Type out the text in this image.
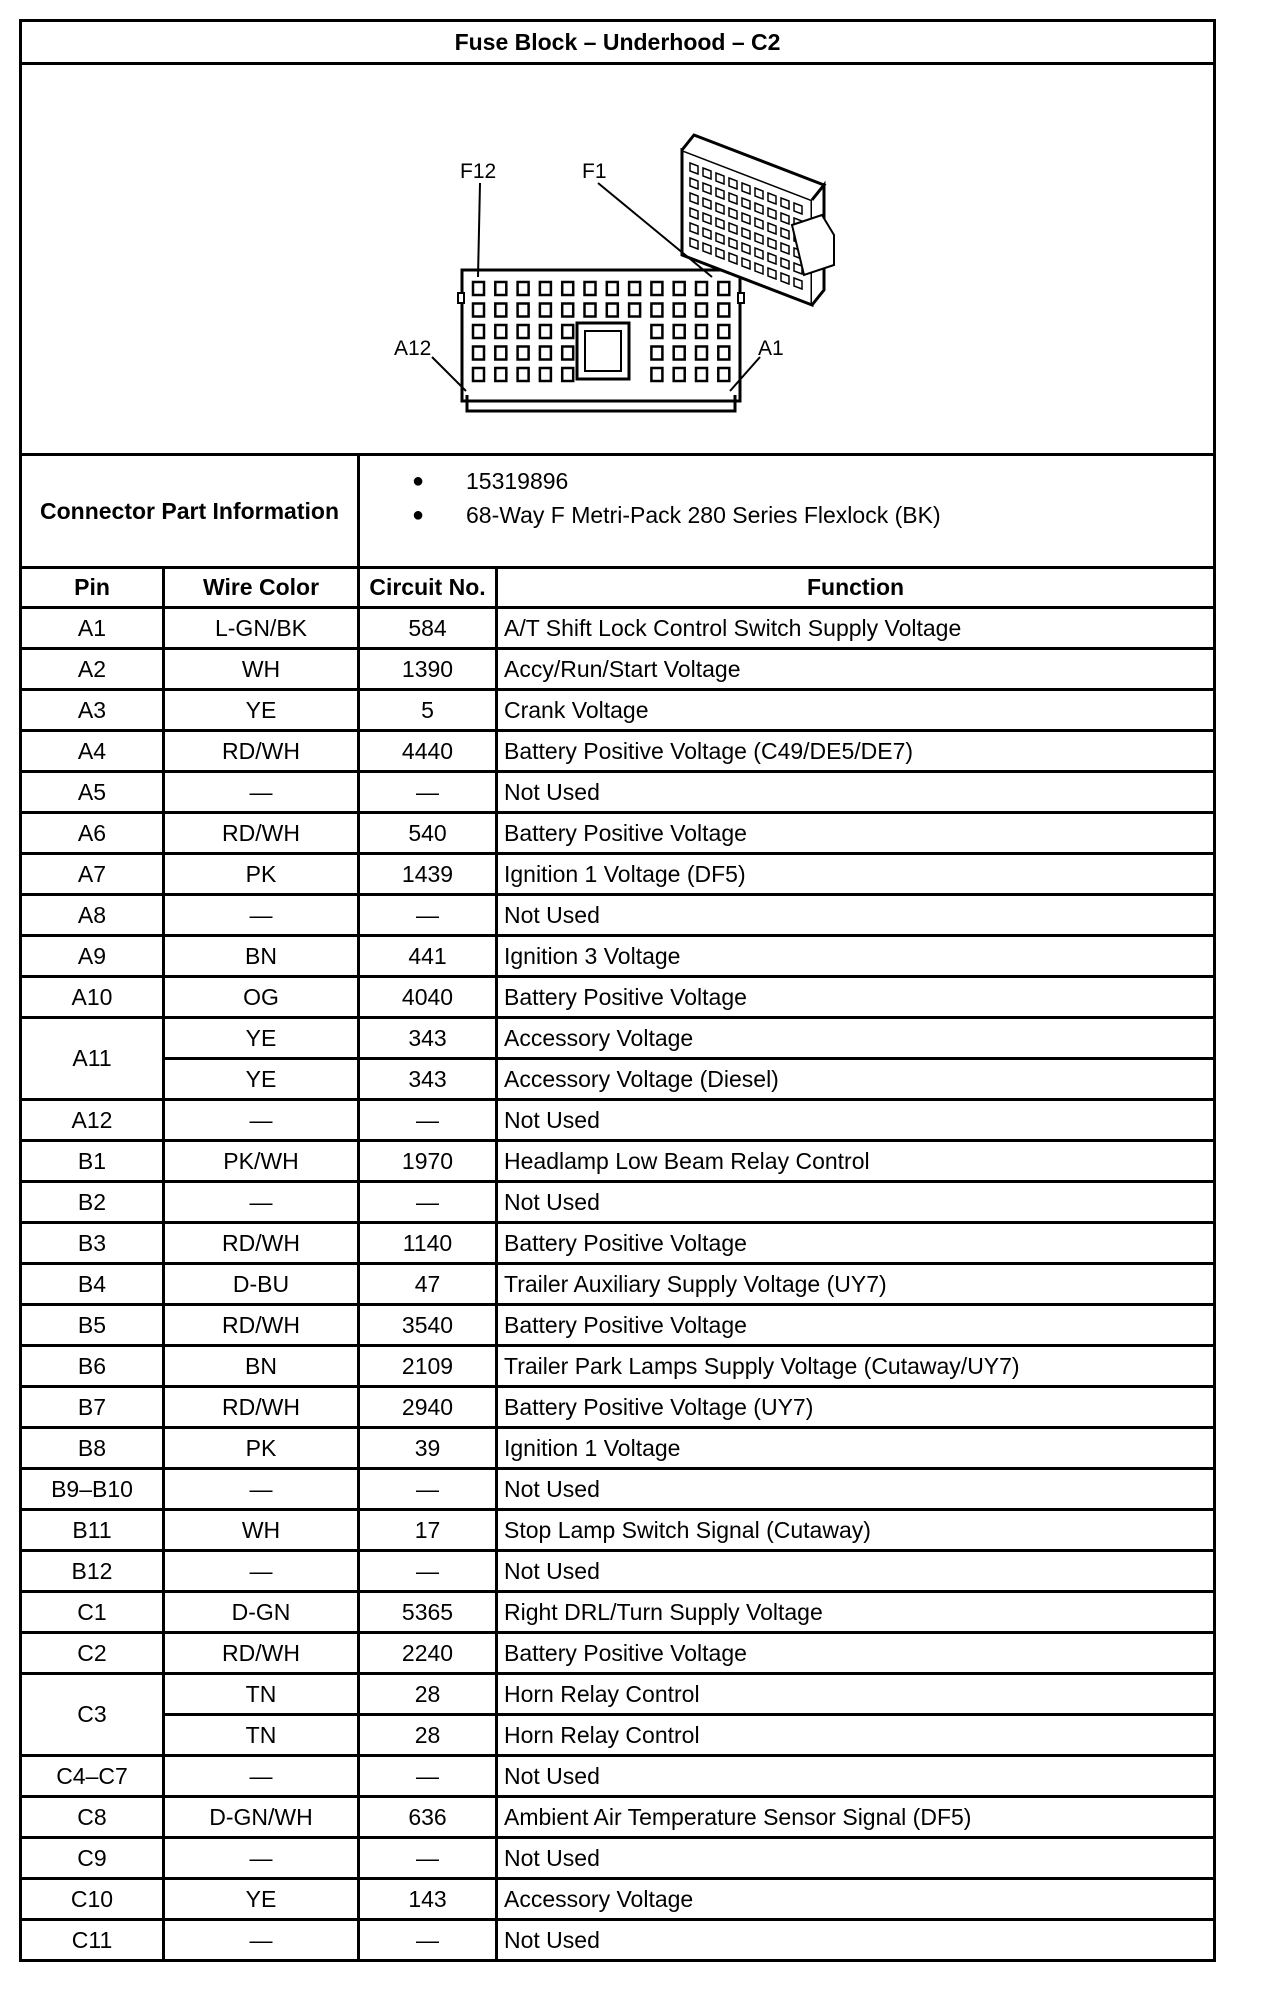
Fuse Block – Underhood – C2			

F12 F1
A12 A1			

Connector Part Information		● 15319896
● 68-Way F Metri-Pack 280 Series Flexlock (BK)	

Pin	Wire Color	Circuit No.	Function
A1	L-GN/BK	584	A/T Shift Lock Control Switch Supply Voltage
A2	WH	1390	Accy/Run/Start Voltage
A3	YE	5	Crank Voltage
A4	RD/WH	4440	Battery Positive Voltage (C49/DE5/DE7)
A5	—	—	Not Used
A6	RD/WH	540	Battery Positive Voltage
A7	PK	1439	Ignition 1 Voltage (DF5)
A8	—	—	Not Used
A9	BN	441	Ignition 3 Voltage
A10	OG	4040	Battery Positive Voltage
A11	YE	343	Accessory Voltage
	YE	343	Accessory Voltage (Diesel)
A12	—	—	Not Used
B1	PK/WH	1970	Headlamp Low Beam Relay Control
B2	—	—	Not Used
B3	RD/WH	1140	Battery Positive Voltage
B4	D-BU	47	Trailer Auxiliary Supply Voltage (UY7)
B5	RD/WH	3540	Battery Positive Voltage
B6	BN	2109	Trailer Park Lamps Supply Voltage (Cutaway/UY7)
B7	RD/WH	2940	Battery Positive Voltage (UY7)
B8	PK	39	Ignition 1 Voltage
B9–B10	—	—	Not Used
B11	WH	17	Stop Lamp Switch Signal (Cutaway)
B12	—	—	Not Used
C1	D-GN	5365	Right DRL/Turn Supply Voltage
C2	RD/WH	2240	Battery Positive Voltage
C3	TN	28	Horn Relay Control
	TN	28	Horn Relay Control
C4–C7	—	—	Not Used
C8	D-GN/WH	636	Ambient Air Temperature Sensor Signal (DF5)
C9	—	—	Not Used
C10	YE	143	Accessory Voltage
C11	—	—	Not Used
